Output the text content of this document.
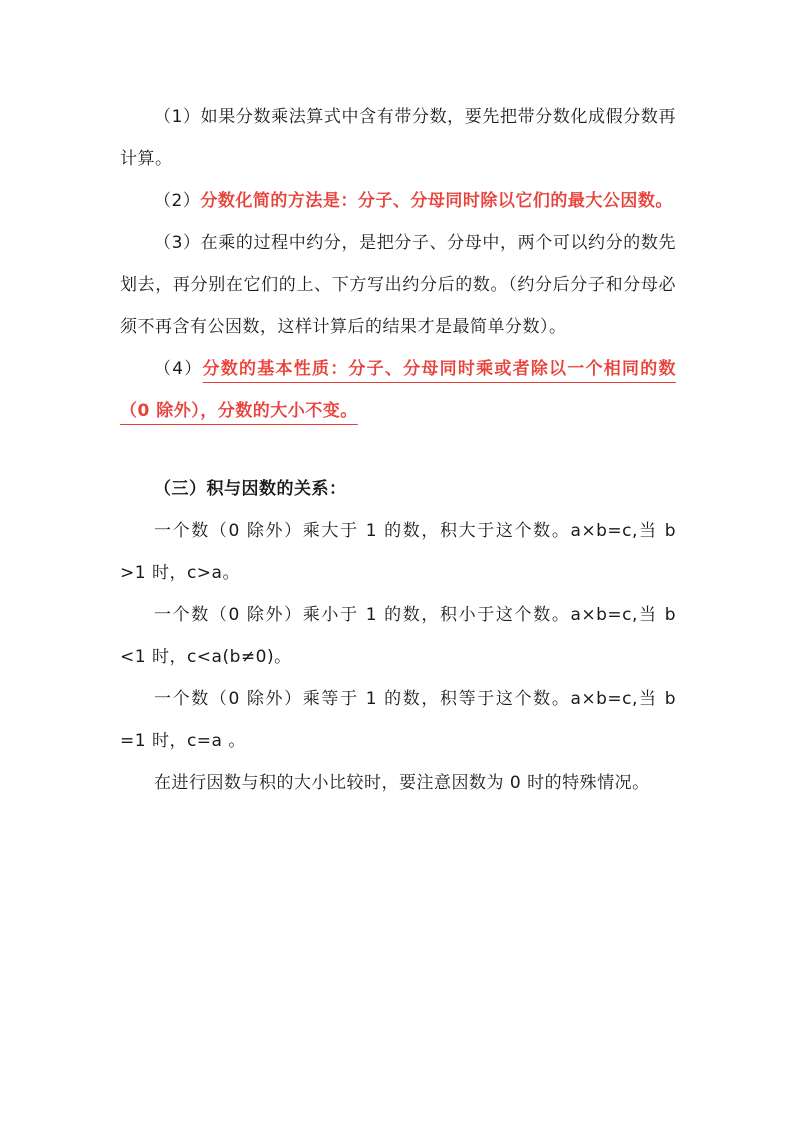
（1）如果分数乘法算式中含有带分数，要先把带分数化成假分数再计算。

（2）分数化简的方法是：分子、分母同时除以它们的最大公因数。

（3）在乘的过程中约分，是把分子、分母中，两个可以约分的数先划去，再分别在它们的上、下方写出约分后的数。（约分后分子和分母必须不再含有公因数，这样计算后的结果才是最简单分数）。

（4）分数的基本性质：分子、分母同时乘或者除以一个相同的数（0 除外），分数的大小不变。

（三）积与因数的关系：

一个数（0 除外）乘大于 1 的数，积大于这个数。a×b=c,当 b >1 时，c>a。

一个数（0 除外）乘小于 1 的数，积小于这个数。a×b=c,当 b <1 时，c<a(b≠0)。

一个数（0 除外）乘等于 1 的数，积等于这个数。a×b=c,当 b =1 时，c=a 。

在进行因数与积的大小比较时，要注意因数为 0 时的特殊情况。
